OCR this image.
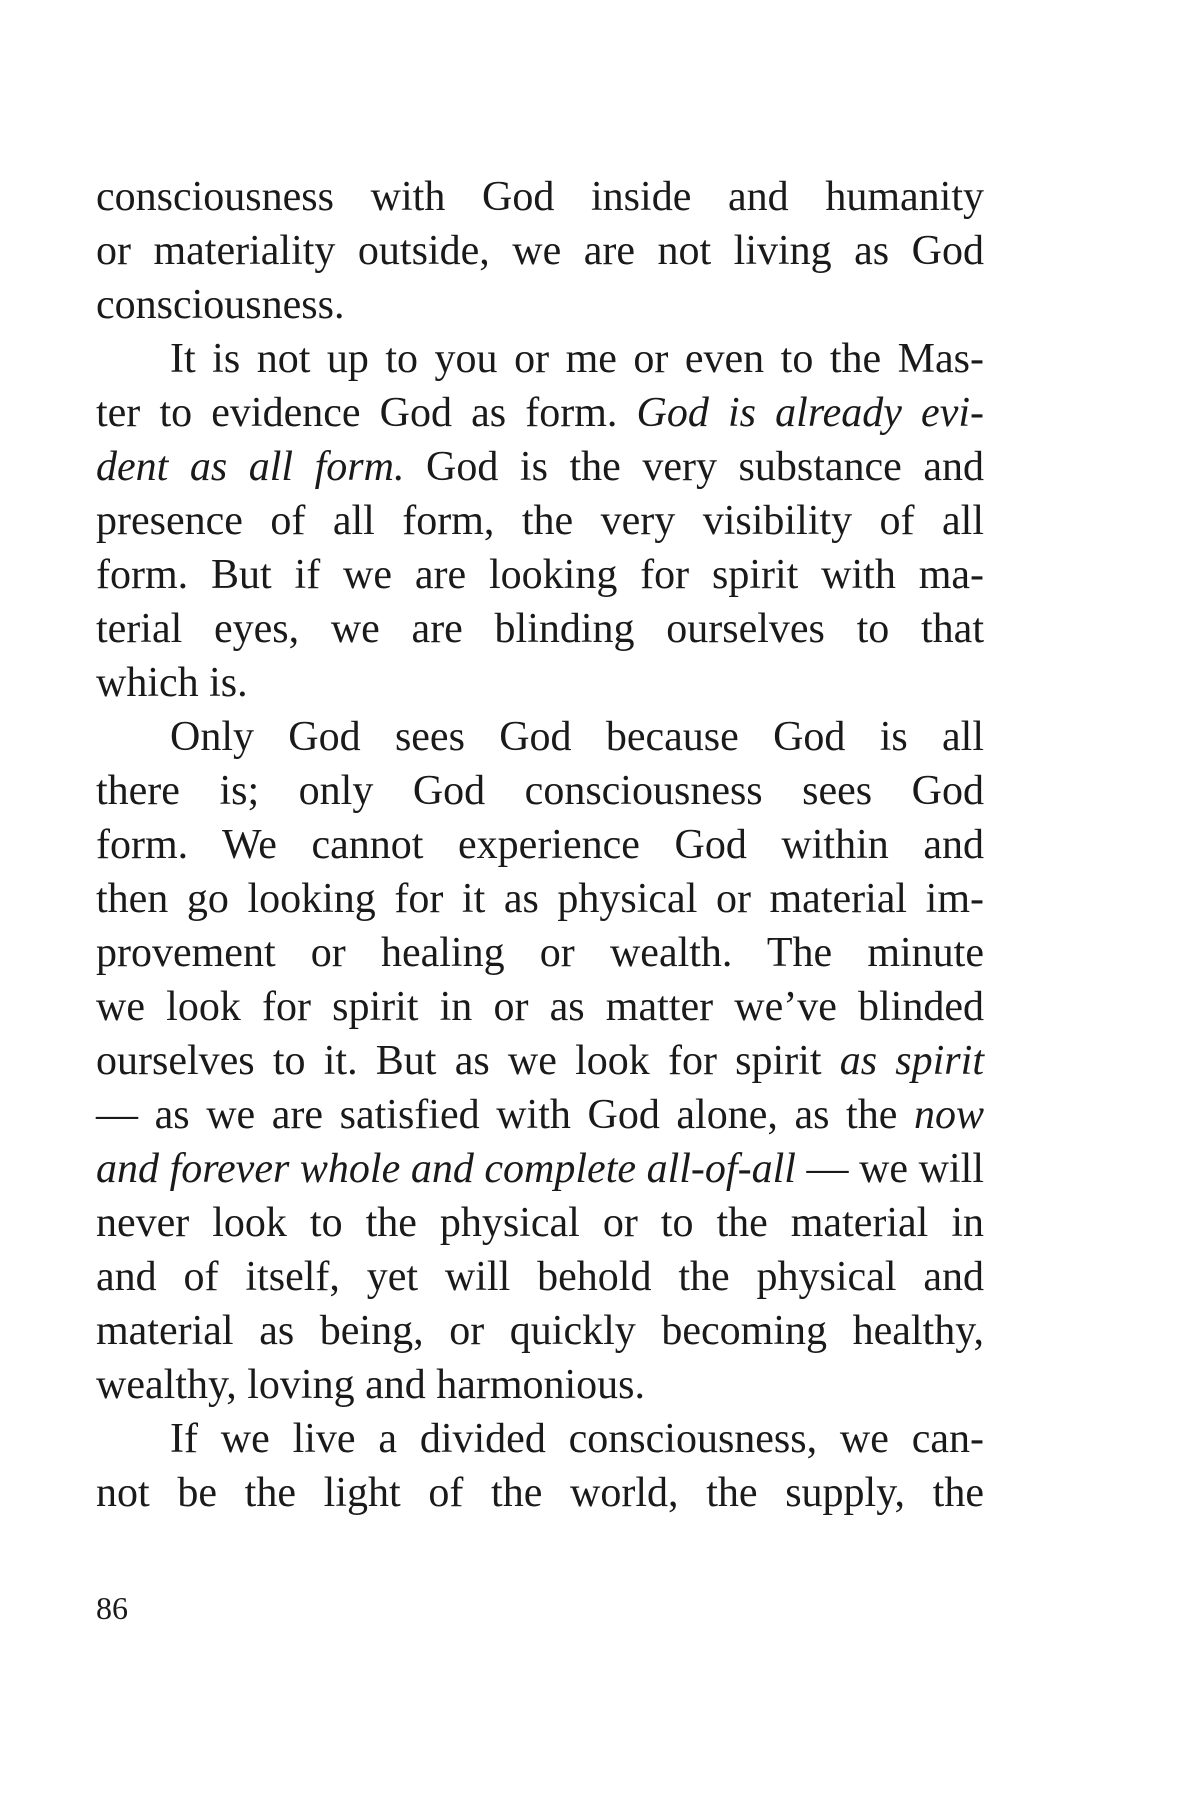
consciousness with God inside and humanity
or materiality outside, we are not living as God
consciousness.
It is not up to you or me or even to the Mas-
ter to evidence God as form. God is already evi-
dent as all form. God is the very substance and
presence of all form, the very visibility of all
form. But if we are looking for spirit with ma-
terial eyes, we are blinding ourselves to that
which is.
Only God sees God because God is all
there is; only God consciousness sees God
form. We cannot experience God within and
then go looking for it as physical or material im-
provement or healing or wealth. The minute
we look for spirit in or as matter we’ve blinded
ourselves to it. But as we look for spirit as spirit
— as we are satisfied with God alone, as the now
and forever whole and complete all-of-all — we will
never look to the physical or to the material in
and of itself, yet will behold the physical and
material as being, or quickly becoming healthy,
wealthy, loving and harmonious.
If we live a divided consciousness, we can-
not be the light of the world, the supply, the
86
